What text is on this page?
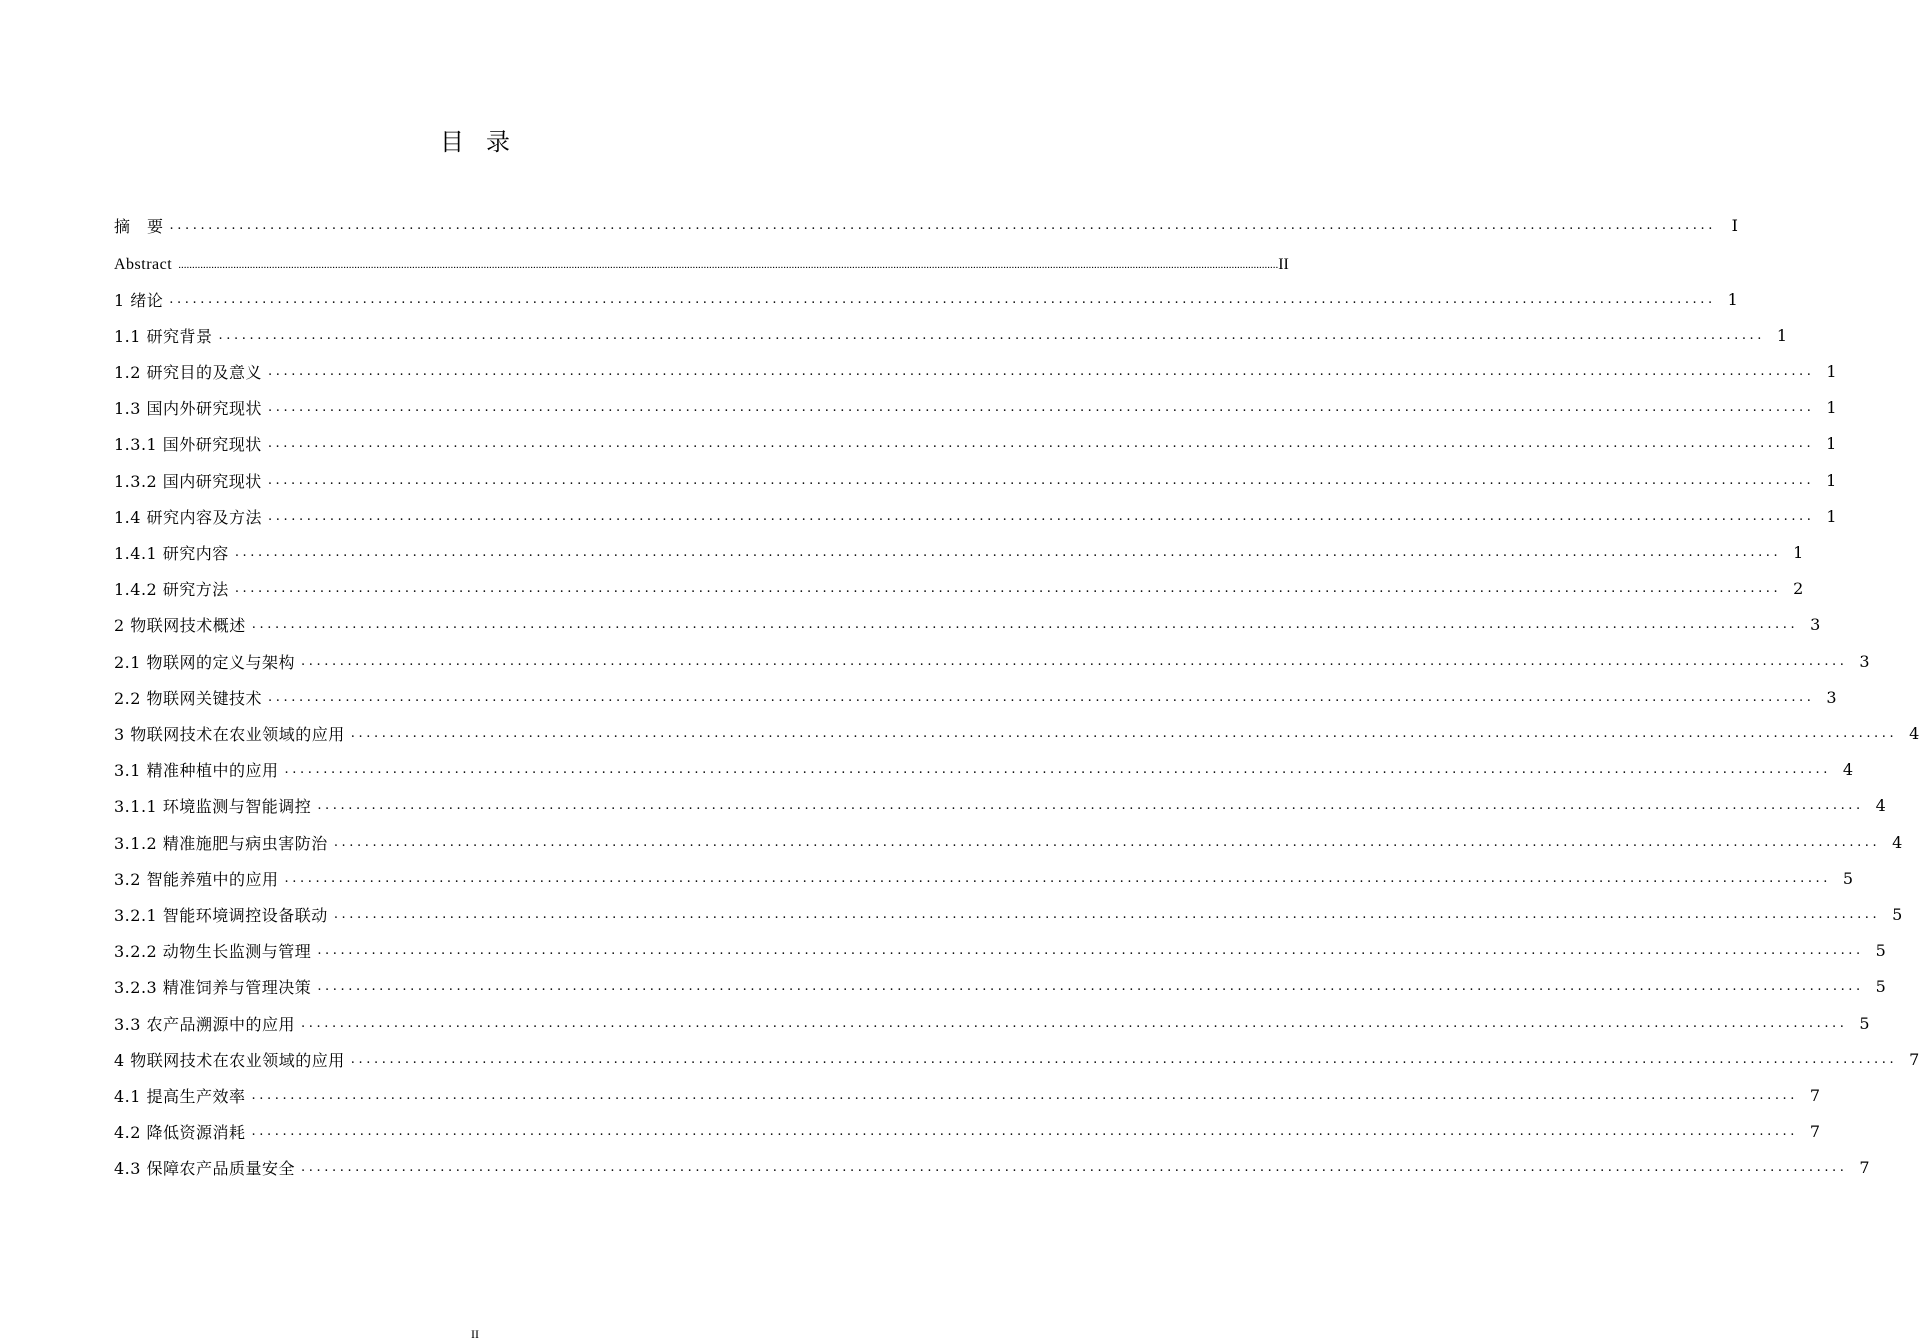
目录
摘　要 ........................................................................................................................................................................................................ I
Abstract ................................................................................................................................................................................................................................................................................................................................................................................................................ II
1 绪论 ........................................................................................................................................................................................................ 1
1.1 研究背景 ........................................................................................................................................................................................................ 1
1.2 研究目的及意义 ........................................................................................................................................................................................................ 1
1.3 国内外研究现状 ........................................................................................................................................................................................................ 1
1.3.1 国外研究现状 ........................................................................................................................................................................................................ 1
1.3.2 国内研究现状 ........................................................................................................................................................................................................ 1
1.4 研究内容及方法 ........................................................................................................................................................................................................ 1
1.4.1 研究内容 ........................................................................................................................................................................................................ 1
1.4.2 研究方法 ........................................................................................................................................................................................................ 2
2 物联网技术概述 ........................................................................................................................................................................................................ 3
2.1 物联网的定义与架构 ........................................................................................................................................................................................................ 3
2.2 物联网关键技术 ........................................................................................................................................................................................................ 3
3 物联网技术在农业领域的应用 ........................................................................................................................................................................................................ 4
3.1 精准种植中的应用 ........................................................................................................................................................................................................ 4
3.1.1 环境监测与智能调控 ........................................................................................................................................................................................................ 4
3.1.2 精准施肥与病虫害防治 ........................................................................................................................................................................................................ 4
3.2 智能养殖中的应用 ........................................................................................................................................................................................................ 5
3.2.1 智能环境调控设备联动 ........................................................................................................................................................................................................ 5
3.2.2 动物生长监测与管理 ........................................................................................................................................................................................................ 5
3.2.3 精准饲养与管理决策 ........................................................................................................................................................................................................ 5
3.3 农产品溯源中的应用 ........................................................................................................................................................................................................ 5
4 物联网技术在农业领域的应用 ........................................................................................................................................................................................................ 7
4.1 提高生产效率 ........................................................................................................................................................................................................ 7
4.2 降低资源消耗 ........................................................................................................................................................................................................ 7
4.3 保障农产品质量安全 ........................................................................................................................................................................................................ 7
II
